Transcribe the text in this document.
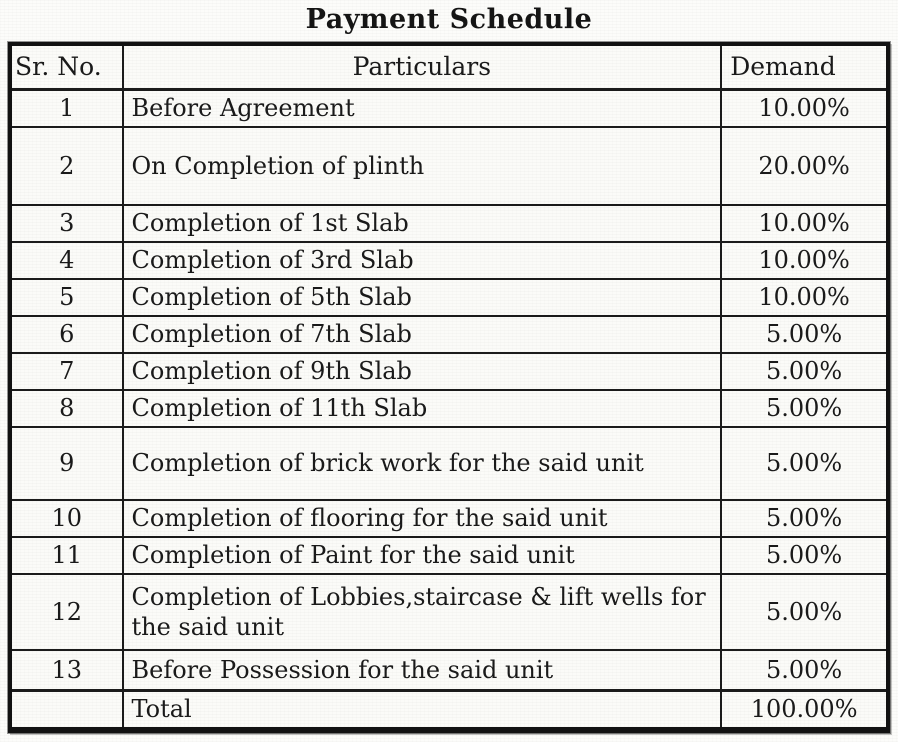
Payment Schedule
Sr. No.	Particulars	Demand
1	Before Agreement	10.00%
2	On Completion of plinth	20.00%
3	Completion of 1st Slab	10.00%
4	Completion of 3rd Slab	10.00%
5	Completion of 5th Slab	10.00%
6	Completion of 7th Slab	5.00%
7	Completion of 9th Slab	5.00%
8	Completion of 11th Slab	5.00%
9	Completion of brick work for the said unit	5.00%
10	Completion of flooring for the said unit	5.00%
11	Completion of Paint for the said unit	5.00%
12	Completion of Lobbies,staircase & lift wells for the said unit	5.00%
13	Before Possession for the said unit	5.00%
	Total	100.00%
